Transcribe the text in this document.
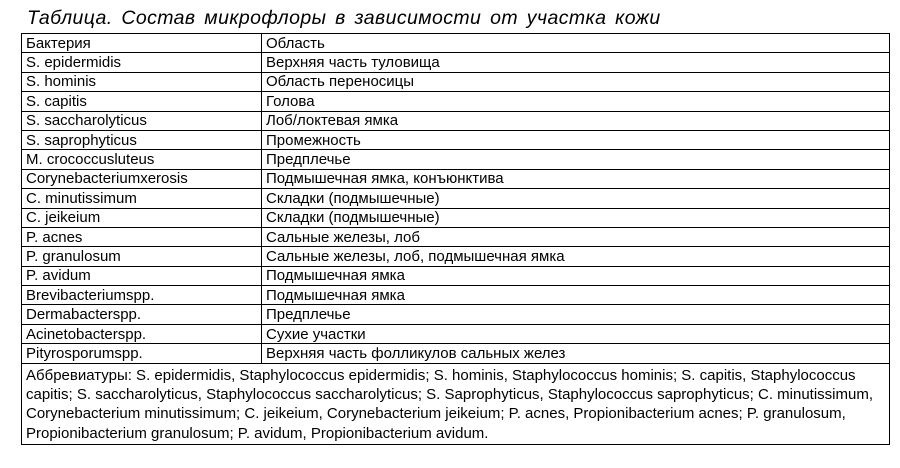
Таблица. Состав микрофлоры в зависимости от участка кожи
Бактерия	Область
S. epidermidis	Верхняя часть туловища
S. hominis	Область переносицы
S. capitis	Голова
S. saccharolyticus	Лоб/локтевая ямка
S. saprophyticus	Промежность
M. crococcusluteus	Предплечье
Corynebacteriumxerosis	Подмышечная ямка, конъюнктива
C. minutissimum	Складки (подмышечные)
C. jeikeium	Складки (подмышечные)
P. acnes	Сальные железы, лоб
P. granulosum	Сальные железы, лоб, подмышечная ямка
P. avidum	Подмышечная ямка
Brevibacteriumspp.	Подмышечная ямка
Dermabacterspp.	Предплечье
Acinetobacterspp.	Сухие участки
Pityrosporumspp.	Верхняя часть фолликулов сальных желез
Аббревиатуры: S. epidermidis, Staphylococcus epidermidis; S. hominis, Staphylococcus hominis; S. capitis, Staphylococcus capitis; S. saccharolyticus, Staphylococcus saccharolyticus; S. Saprophyticus, Staphylococcus saprophyticus; C. minutissimum, Corynebacterium minutissimum; C. jeikeium, Corynebacterium jeikeium; P. acnes, Propionibacterium acnes; P. granulosum, Propionibacterium granulosum; P. avidum, Propionibacterium avidum.	
